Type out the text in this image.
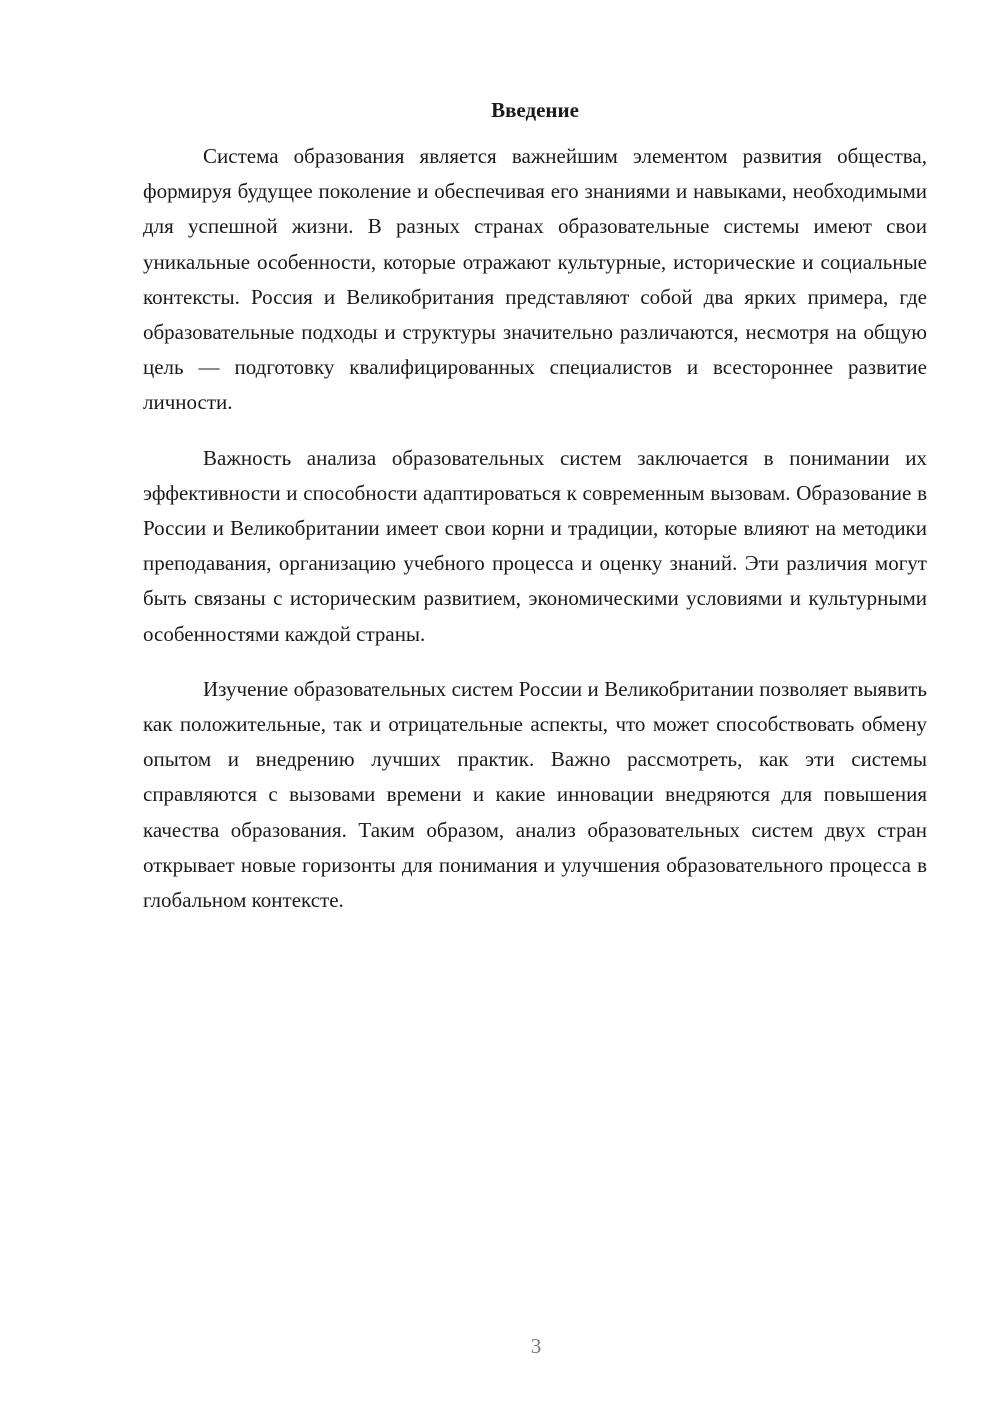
Введение

Система образования является важнейшим элементом развития общества, формируя будущее поколение и обеспечивая его знаниями и навыками, необходимыми для успешной жизни. В разных странах образовательные системы имеют свои уникальные особенности, которые отражают культурные, исторические и социальные контексты. Россия и Великобритания представляют собой два ярких примера, где образовательные подходы и структуры значительно различаются, несмотря на общую цель — подготовку квалифицированных специалистов и всестороннее развитие личности.

Важность анализа образовательных систем заключается в понимании их эффективности и способности адаптироваться к современным вызовам. Образование в России и Великобритании имеет свои корни и традиции, которые влияют на методики преподавания, организацию учебного процесса и оценку знаний. Эти различия могут быть связаны с историческим развитием, экономическими условиями и культурными особенностями каждой страны.

Изучение образовательных систем России и Великобритании позволяет выявить как положительные, так и отрицательные аспекты, что может способствовать обмену опытом и внедрению лучших практик. Важно рассмотреть, как эти системы справляются с вызовами времени и какие инновации внедряются для повышения качества образования. Таким образом, анализ образовательных систем двух стран открывает новые горизонты для понимания и улучшения образовательного процесса в глобальном контексте.

3
